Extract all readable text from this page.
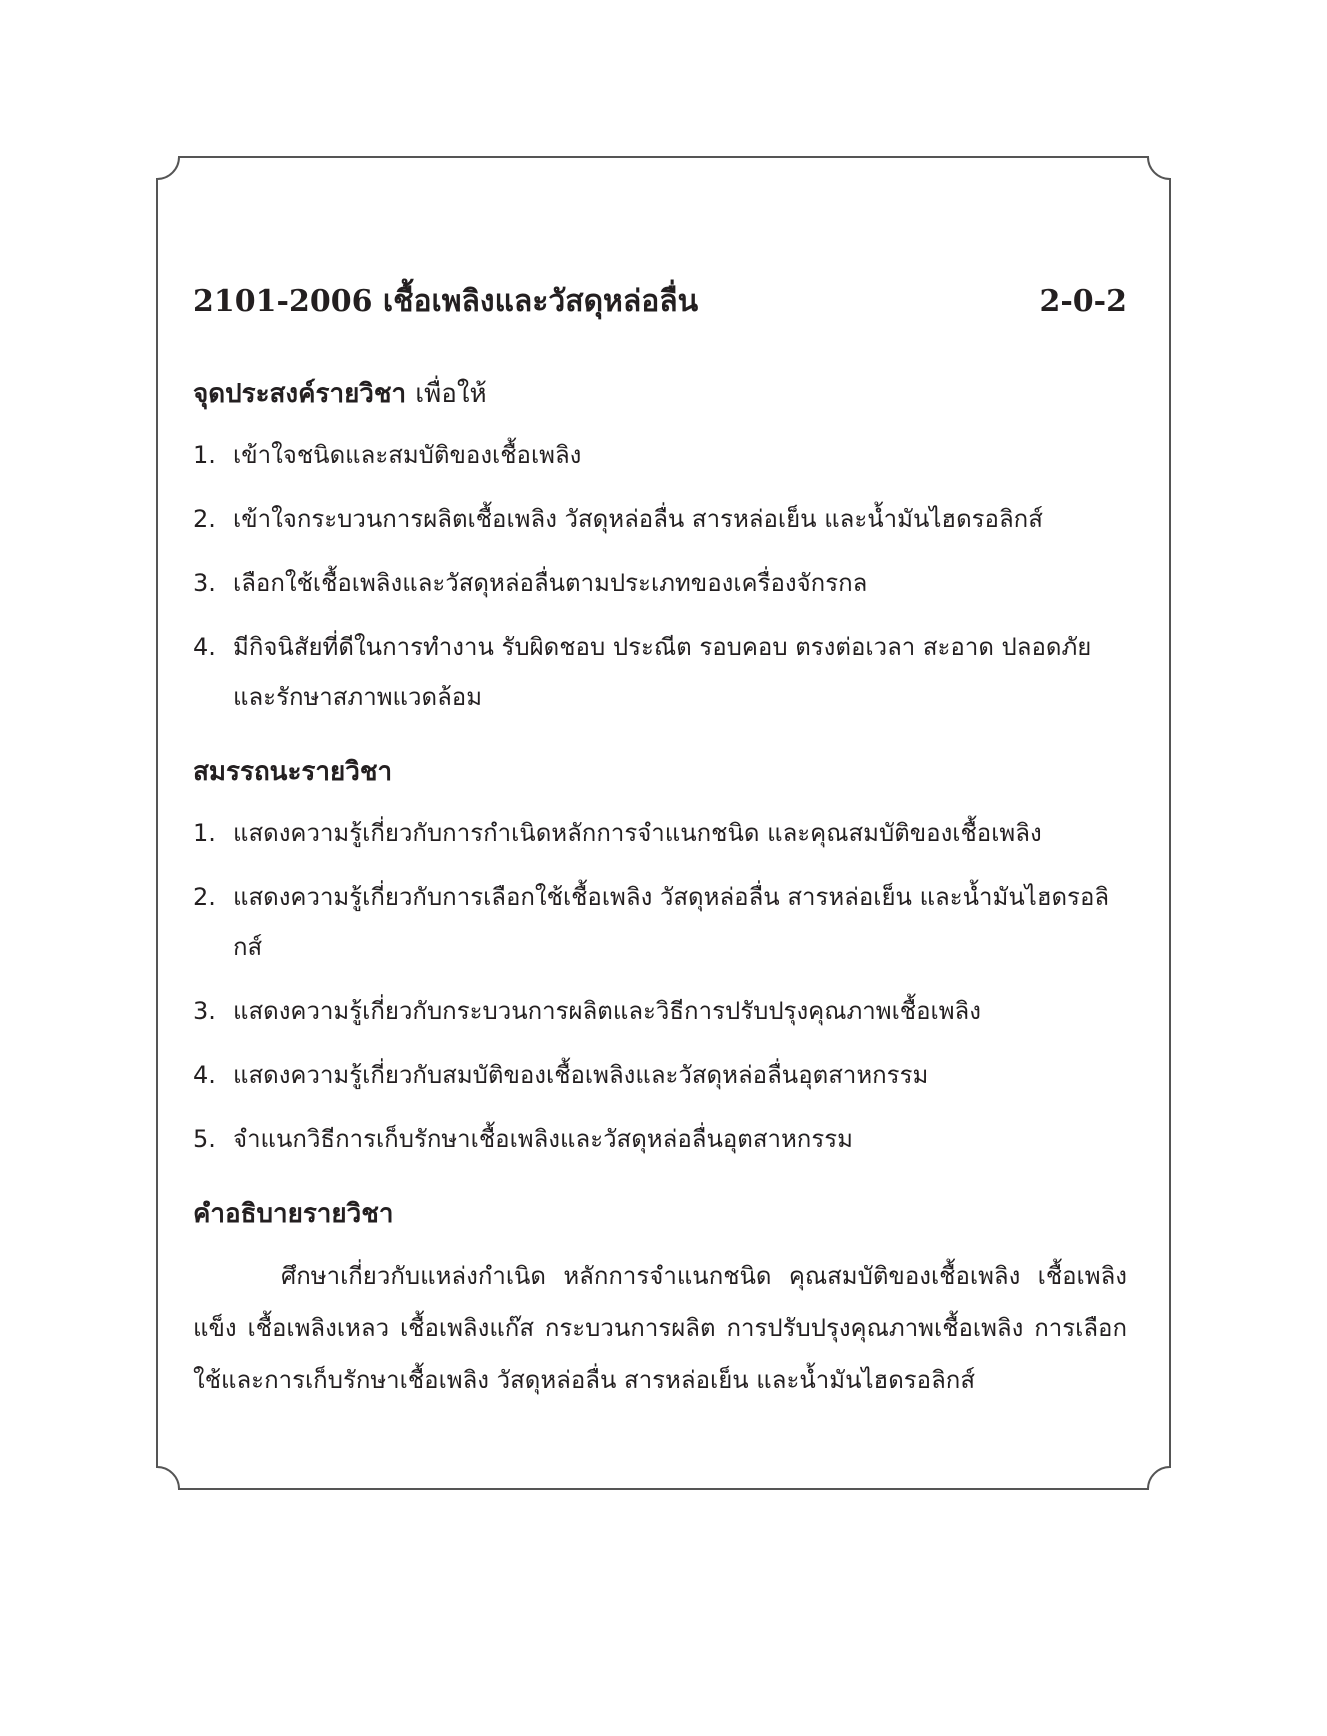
2101-2006 เชื้อเพลิงและวัสดุหล่อลื่น	2-0-2
จุดประสงค์รายวิชา เพื่อให้
1. เข้าใจชนิดและสมบัติของเชื้อเพลิง
2. เข้าใจกระบวนการผลิตเชื้อเพลิง วัสดุหล่อลื่น สารหล่อเย็น และน้ำมันไฮดรอลิกส์
3. เลือกใช้เชื้อเพลิงและวัสดุหล่อลื่นตามประเภทของเครื่องจักรกล
4. มีกิจนิสัยที่ดีในการทำงาน รับผิดชอบ ประณีต รอบคอบ ตรงต่อเวลา สะอาด ปลอดภัย และรักษาสภาพแวดล้อม
สมรรถนะรายวิชา
1. แสดงความรู้เกี่ยวกับการกำเนิดหลักการจำแนกชนิด และคุณสมบัติของเชื้อเพลิง
2. แสดงความรู้เกี่ยวกับการเลือกใช้เชื้อเพลิง วัสดุหล่อลื่น สารหล่อเย็น และน้ำมันไฮดรอลิกส์
3. แสดงความรู้เกี่ยวกับกระบวนการผลิตและวิธีการปรับปรุงคุณภาพเชื้อเพลิง
4. แสดงความรู้เกี่ยวกับสมบัติของเชื้อเพลิงและวัสดุหล่อลื่นอุตสาหกรรม
5. จำแนกวิธีการเก็บรักษาเชื้อเพลิงและวัสดุหล่อลื่นอุตสาหกรรม
คำอธิบายรายวิชา

ศึกษาเกี่ยวกับแหล่งกำเนิด หลักการจำแนกชนิด คุณสมบัติของเชื้อเพลิง เชื้อเพลิงแข็ง เชื้อเพลิงเหลว เชื้อเพลิงแก๊ส กระบวนการผลิต การปรับปรุงคุณภาพเชื้อเพลิง การเลือกใช้และการเก็บรักษาเชื้อเพลิง วัสดุหล่อลื่น สารหล่อเย็น และน้ำมันไฮดรอลิกส์
